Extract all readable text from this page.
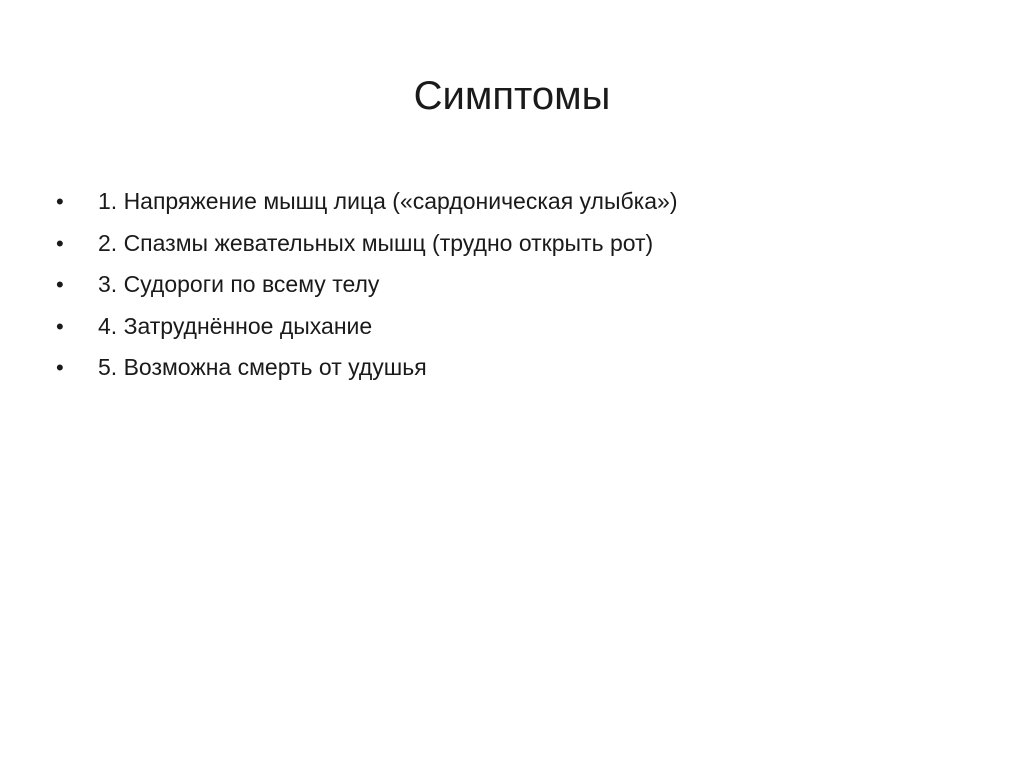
Симптомы
•	1. Напряжение мышц лица («сардоническая улыбка»)
•	2. Спазмы жевательных мышц (трудно открыть рот)
•	3. Судороги по всему телу
•	4. Затруднённое дыхание
•	5. Возможна смерть от удушья
